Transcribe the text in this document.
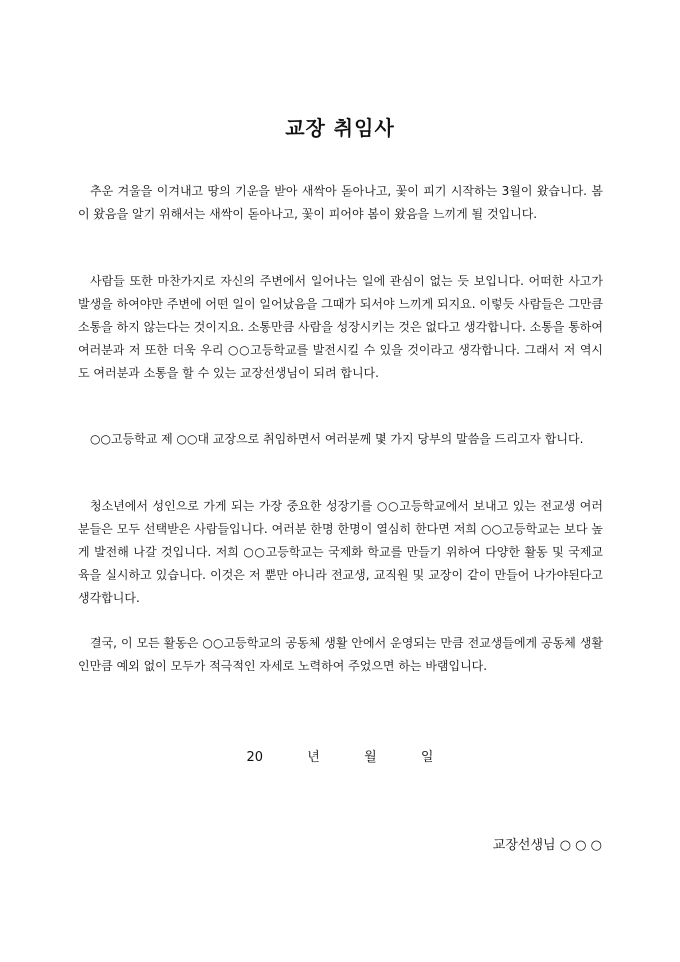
교장 취임사

추운 겨울을 이겨내고 땅의 기운을 받아 새싹아 돋아나고, 꽃이 피기 시작하는 3월이 왔습니다. 봄이 왔음을 알기 위해서는 새싹이 돋아나고, 꽃이 피어야 봄이 왔음을 느끼게 될 것입니다.

사람들 또한 마찬가지로 자신의 주변에서 일어나는 일에 관심이 없는 듯 보입니다. 어떠한 사고가 발생을 하여야만 주변에 어떤 일이 일어났음을 그때가 되서야 느끼게 되지요. 이렇듯 사람들은 그만큼 소통을 하지 않는다는 것이지요. 소통만큼 사람을 성장시키는 것은 없다고 생각합니다. 소통을 통하여 여러분과 저 또한 더욱 우리 ○○고등학교를 발전시킬 수 있을 것이라고 생각합니다. 그래서 저 역시도 여러분과 소통을 할 수 있는 교장선생님이 되려 합니다.

○○고등학교 제 ○○대 교장으로 취임하면서 여러분께 몇 가지 당부의 말씀을 드리고자 합니다.

청소년에서 성인으로 가게 되는 가장 중요한 성장기를 ○○고등학교에서 보내고 있는 전교생 여러분들은 모두 선택받은 사람들입니다. 여러분 한명 한명이 열심히 한다면 저희 ○○고등학교는 보다 높게 발전해 나갈 것입니다. 저희 ○○고등학교는 국제화 학교를 만들기 위하여 다양한 활동 및 국제교육을 실시하고 있습니다. 이것은 저 뿐만 아니라 전교생, 교직원 및 교장이 같이 만들어 나가야된다고 생각합니다.

결국, 이 모든 활동은 ○○고등학교의 공동체 생활 안에서 운영되는 만큼 전교생들에게 공동체 생활인만큼 예외 없이 모두가 적극적인 자세로 노력하여 주었으면 하는 바램입니다.

20  년  월  일
교장선생님 ○ ○ ○
